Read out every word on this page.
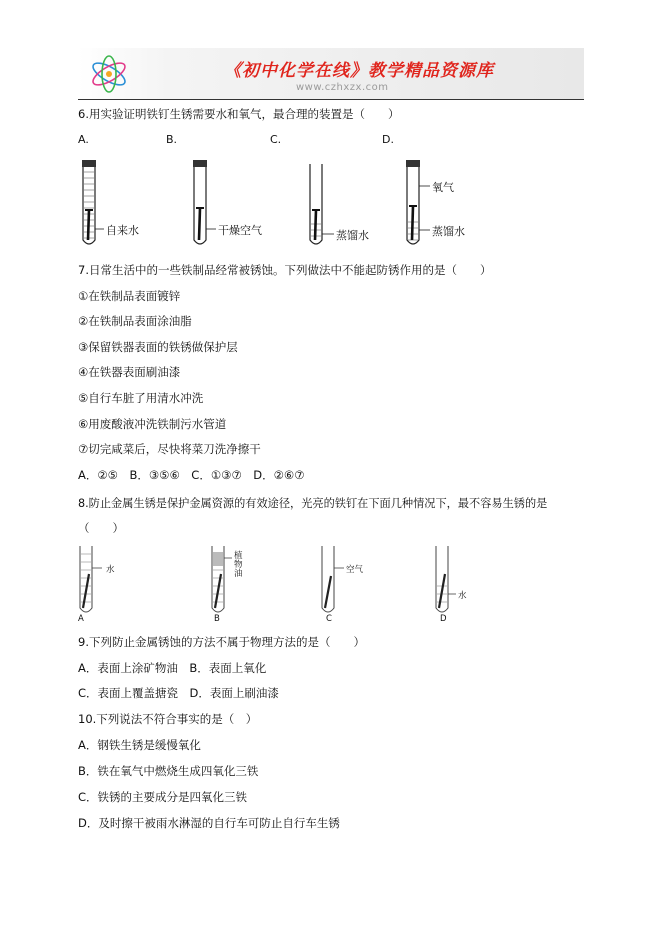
《初中化学在线》教学精品资源库
www.czhxzx.com
6.用实验证明铁钉生锈需要水和氧气，最合理的装置是（　　）
A.	B.	C.	D.
自来水	干燥空气	蒸馏水
氧气
蒸馏水
7.日常生活中的一些铁制品经常被锈蚀。下列做法中不能起防锈作用的是（　　）
①在铁制品表面镀锌
②在铁制品表面涂油脂
③保留铁器表面的铁锈做保护层
④在铁器表面刷油漆
⑤自行车脏了用清水冲洗
⑥用废酸液冲洗铁制污水管道
⑦切完咸菜后，尽快将菜刀洗净擦干
A．②⑤　B．③⑤⑥　C．①③⑦　D．②⑥⑦
8.防止金属生锈是保护金属资源的有效途径，光亮的铁钉在下面几种情况下，最不容易生锈的是
（　　）
水
植
物
油	空气
水
A	B	C	D
9.下列防止金属锈蚀的方法不属于物理方法的是（　　）
A．表面上涂矿物油　B．表面上氧化
C．表面上覆盖搪瓷　D．表面上刷油漆
10.下列说法不符合事实的是（　）
A．钢铁生锈是缓慢氧化
B．铁在氧气中燃烧生成四氧化三铁
C．铁锈的主要成分是四氧化三铁
D．及时擦干被雨水淋湿的自行车可防止自行车生锈
